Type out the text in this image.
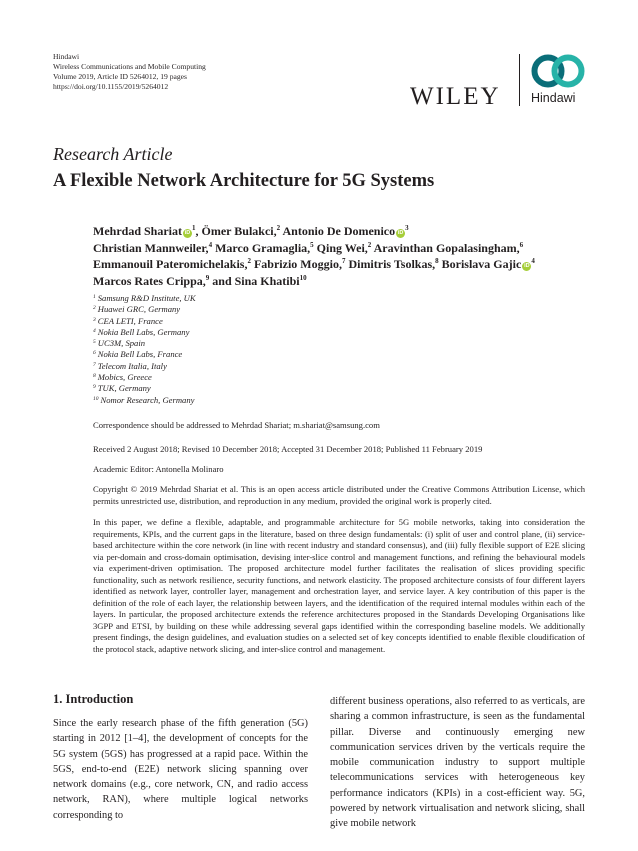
Hindawi
Wireless Communications and Mobile Computing
Volume 2019, Article ID 5264012, 19 pages
https://doi.org/10.1155/2019/5264012	WILEY Hindawi
Research Article
A Flexible Network Architecture for 5G Systems
Mehrdad Shariat $iD^1$, Ömer Bulakci,$^2$ Antonio De Domenico $iD^3$
Christian Mannweiler,$^4$ Marco Gramaglia,$^5$ Qing Wei,$^2$ Aravinthan Gopalasingham,$^6$
Emmanouil Pateromichelakis,$^2$ Fabrizio Moggio,$^7$ Dimitris Tsolkas,$^8$ Borislava Gajic $iD^4$
Marcos Rates Crippa,$^9$ and Sina Khatibi$^{10}$
$^1$ Samsung R&D Institute, UK
$^2$ Huawei GRC, Germany
$^3$ CEA LETI, France
$^4$ Nokia Bell Labs, Germany
$^5$ UC3M, Spain
$^6$ Nokia Bell Labs, France
$^7$ Telecom Italia, Italy
$^8$ Mobics, Greece
$^9$ TUK, Germany
$^{10}$ Nomor Research, Germany
Correspondence should be addressed to Mehrdad Shariat; m.shariat@samsung.com
Received 2 August 2018; Revised 10 December 2018; Accepted 31 December 2018; Published 11 February 2019
Academic Editor: Antonella Molinaro
Copyright © 2019 Mehrdad Shariat et al. This is an open access article distributed under the Creative Commons Attribution License, which permits unrestricted use, distribution, and reproduction in any medium, provided the original work is properly cited.
In this paper, we define a flexible, adaptable, and programmable architecture for 5G mobile networks, taking into consideration the requirements, KPIs, and the current gaps in the literature, based on three design fundamentals: (i) split of user and control plane, (ii) service-based architecture within the core network (in line with recent industry and standard consensus), and (iii) fully flexible support of E2E slicing via per-domain and cross-domain optimisation, devising inter-slice control and management functions, and refining the behavioural models via experiment-driven optimisation. The proposed architecture model further facilitates the realisation of slices providing specific functionality, such as network resilience, security functions, and network elasticity. The proposed architecture consists of four different layers identified as network layer, controller layer, management and orchestration layer, and service layer. A key contribution of this paper is the definition of the role of each layer, the relationship between layers, and the identification of the required internal modules within each of the layers. In particular, the proposed architecture extends the reference architectures proposed in the Standards Developing Organisations like 3GPP and ETSI, by building on these while addressing several gaps identified within the corresponding baseline models. We additionally present findings, the design guidelines, and evaluation studies on a selected set of key concepts identified to enable flexible cloudification of the protocol stack, adaptive network slicing, and inter-slice control and management.
1. Introduction
Since the early research phase of the fifth generation (5G) starting in 2012 [1–4], the development of concepts for the 5G system (5GS) has progressed at a rapid pace. Within the 5GS, end-to-end (E2E) network slicing spanning over network domains (e.g., core network, CN, and radio access network, RAN), where multiple logical networks corresponding to
different business operations, also referred to as verticals, are sharing a common infrastructure, is seen as the fundamental pillar. Diverse and continuously emerging new communication services driven by the verticals require the mobile communication industry to support multiple telecommunications services with heterogeneous key performance indicators (KPIs) in a cost-efficient way. 5G, powered by network virtualisation and network slicing, shall give mobile network
